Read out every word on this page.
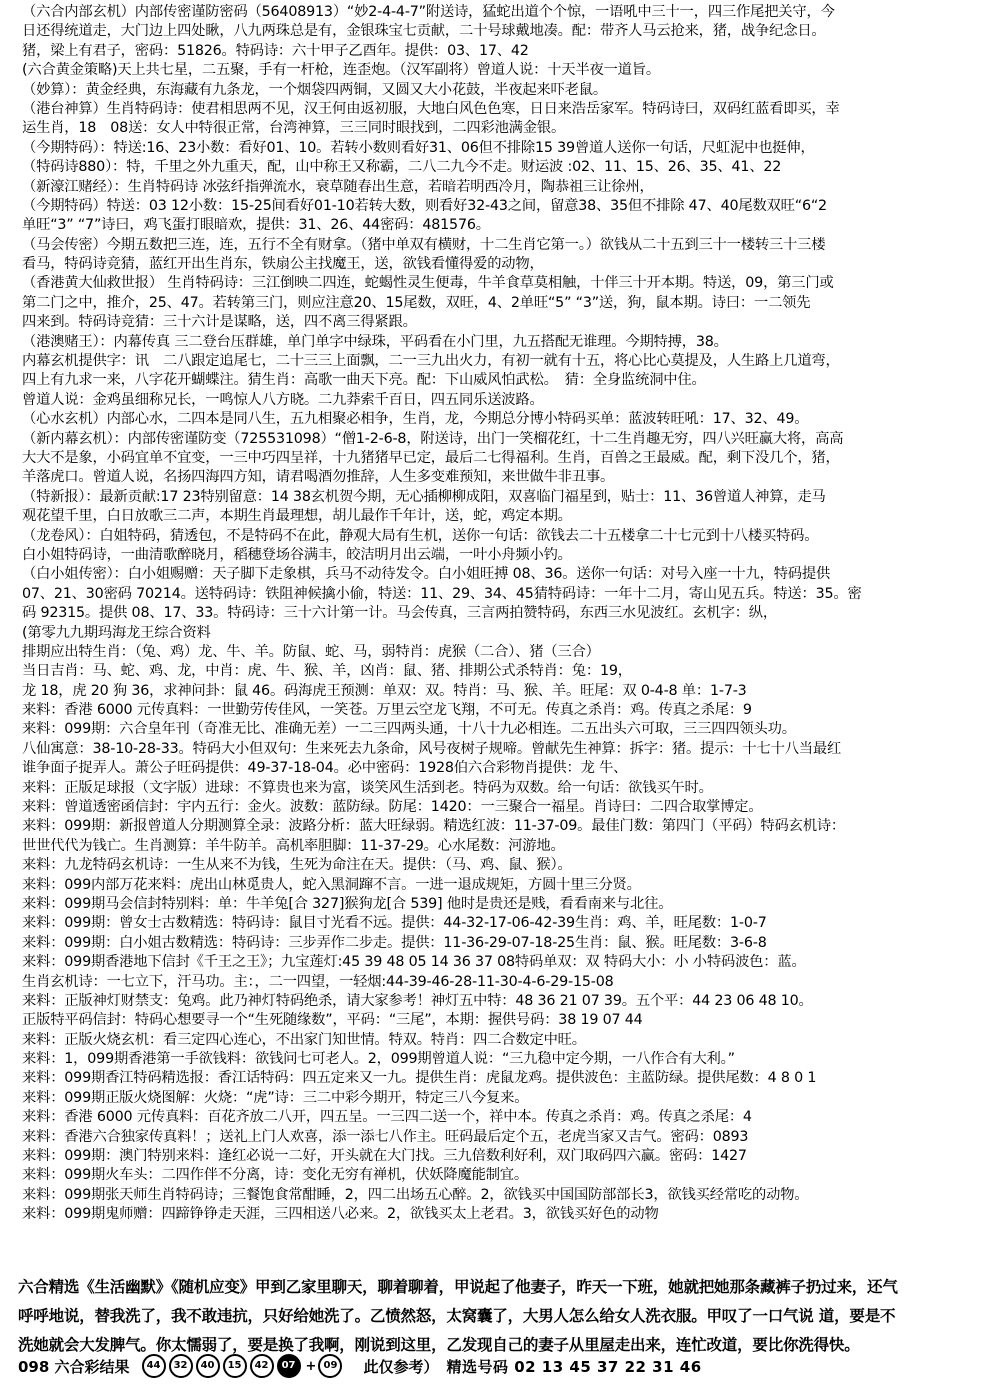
（六合内部玄机）内部传密谨防密码（56408913）“妙2-4-4-7”附送诗，猛蛇出道个个惊，一语吼中三十一，四三作尾把关守，今
日还得统道走，大门边上四处瞅，八九两珠总是有，金银珠宝七贡献，二十号球戴地凑。配：带齐人马云抢来，猪，战争纪念日。
猪，梁上有君子，密码：51826。特码诗：六十甲子乙酉年。提供：03、17、42
(六合黄金策略)天上共七星，二五聚，手有一杆枪，连歪炮。（汉军副将）曾道人说：十天半夜一道旨。
（妙算）：黄金经典，东海藏有九条龙，一个烟袋四两铜，又圆又大小花鼓，半夜起来吓老鼠。
（港台神算）生肖特码诗：使君相思两不见，汉王何由返初服，大地白风色色寒，日日来浩岳家军。特码诗曰，双码红蓝看即买，幸
运生肖，18　08送：女人中特很正常，台湾神算，三三同时眼找到，二四彩池满金银。
（今期特码）：特送:16、23小数：看好01、10。若转小数则看好31、06但不排除15 39曾道人送你一句话，尺虹泥中也挺伸，
（特码诗880）：特，千里之外九重天，配，山中称王又称霸，二八二九今不走。财运波 :02、11、15、26、35、41、22
（新濠江赌经）：生肖特码诗 冰弦纤指弹流水，衰草随春出生意，若暗若明西冷月，陶恭祖三让徐州，
（今期特码）特送：03 12小数：15-25间看好01-10若转大数，则看好32-43之间，留意38、35但不排除 47、40尾数双旺“6“2
单旺“3” “7”诗曰，鸡飞蛋打眼暗欢，提供：31、26、44密码：481576。
（马会传密）今期五数把三连，连，五行不全有财拿。（猪中单双有横财，十二生肖它第一。）欲钱从二十五到三十一楼转三十三楼
看马，特码诗竞猜，蓝红开出生肖东，铁扇公主找魔王，送，欲钱看懂得爱的动物，
（香港黄大仙救世报） 生肖特码诗：三江倒映二四连，蛇蝎性灵生便毒，牛羊食草莫相触，十伴三十开本期。特送，09，第三门或
第二门之中，推介，25、47。若转第三门，则应注意20、15尾数，双旺，4、2单旺“5” “3”送，狗，鼠本期。诗曰：一二领先
四来到。特码诗竞猜：三十六计是谋略，送，四不离三得紧跟。
（港澳赌王）：内幕传真 三二登台压群雄，单门单字中绿珠，平码看在小门里，九五搭配无谁理。今期特搏，38。
内幕玄机提供字：讯　二八跟定追尾七，二十三三上面飘，二一三九出火力，有初一就有十五，将心比心莫提及，人生路上几道弯，
四上有九求一来，八字花开蝴蝶注。猜生肖：高歌一曲天下亮。配：下山威风怕武松。　猜：全身监统洞中住。
曾道人说：金鸡虽细称兄长，一鸣惊人八方晓。二九莽索千百日，四五同乐送波路。
（心水玄机）内部心水，二四本是同八生，五九相聚必相争，生肖，龙，今期总分博小特码买单：蓝波转旺吼：17、32、49。
（新内幕玄机）：内部传密谨防变（725531098）“僧1-2-6-8，附送诗，出门一笑榴花红，十二生肖趣无穷，四八兴旺赢大将，高高
大大不是象，小码宜单不宜变，一三中巧四呈祥，十九猪猪早已定，最后二七得福利。生肖，百兽之王最威。配，剩下没几个，猪，
羊落虎口。曾道人说，名扬四海四方知，请君喝酒勿推辞，人生多变难预知，来世做牛非丑事。
（特新报）：最新贡献:17 23特别留意：14 38玄机贺今期，无心插柳柳成阳，双喜临门福星到，贴士：11、36曾道人神算，走马
观花望千里，白日放歌三二声，本期生肖最理想，胡儿最作千年计，送，蛇，鸡定本期。
（龙卷风）：白姐特码，猜透包，不是特码不在此，静观大局有生机，送你一句话：欲钱去二十五楼拿二十七元到十八楼买特码。
白小姐特码诗，一曲清歌醉晓月，稻穗登场谷满丰，皎洁明月出云端，一叶小舟频小钓。
（白小姐传密）：白小姐赐赠：天子脚下走象棋，兵马不动待发令。白小姐旺搏 08、36。送你一句话：对号入座一十九，特码提供
07、21、30密码 70214。送特码诗：铁阻神候擒小偷，特送：11、29、34、45猜特码诗：一年十二月，寄山见五兵。特送：35。密
码 92315。提供 08、17、33。特码诗：三十六计第一计。马会传真，三言两拍赞特码，东西三水见波红。玄机字：纵，
(第零九九期玛海龙王综合资料
排期应出特生肖：（兔、鸡）龙、牛、羊。防鼠、蛇、马，弱特肖：虎猴（二合）、猪（三合）
当日吉肖：马、蛇、鸡、龙，中肖：虎、牛、猴、羊，凶肖：鼠、猪、排期公式杀特肖：兔：19，
龙 18，虎 20 狗 36，求神问卦：鼠 46。码海虎王预测：单双：双。特肖：马、猴、羊。旺尾：双 0-4-8 单：1-7-3
来料：香港 6000 元传真料：一世勤劳传佳风，一笑苍。万里云空龙飞翔，不可无。传真之杀肖：鸡。传真之杀尾：9
来料：099期：六合皇年刊（奇准无比、准确无差）一二三四两头通，十八十九必相连。二五出头六可取，三三四四领头功。
八仙寓意：38-10-28-33。特码大小但双句：生来死去九条命，风号夜树子规啼。曾献先生神算：拆字：猪。提示：十七十八当最红
谁争面子捉弄人。萧公子旺码提供：49-37-18-04。必中密码：1928伯六合彩物肖提供：龙 牛、
来料：正版足球报（文字版）进球：不算贵也来为富，谈笑风生活到老。特码为双数。给一句话：欲钱买午时。
来料：曾道透密函信封：宇内五行：金火。波数：蓝防绿。防尾：1420：一三聚合一福星。肖诗曰：二四合取掌博定。
来料：099期：新报曾道人分期测算全录：波路分析：蓝大旺绿弱。精选红波：11-37-09。最佳门数：第四门（平码）特码玄机诗：
世世代代为钱亡。生肖测算：羊牛防羊。高机率胆脚：11-37-29。心水尾数：河游地。
来料：九龙特码玄机诗：一生从来不为钱，生死为命注在天。提供：（马、鸡、鼠、猴）。
来料：099内部万花来料：虎出山林觅贵人，蛇入黑洞蹿不言。一进一退成规矩，方圆十里三分贤。
来料：099期马会信封特别料：单：牛羊兔[合 327]猴狗龙[合 539] 他时是贵还是贱，看看南来与北往。
来料：099期：曾女士古数精选：特码诗：鼠目寸光看不远。提供：44-32-17-06-42-39生肖：鸡、羊，旺尾数：1-0-7
来料：099期：白小姐古数精选：特码诗：三步弄作二步走。提供：11-36-29-07-18-25生肖：鼠、猴。旺尾数：3-6-8
来料：099期香港地下信封《千王之王》；九宝莲灯:45 39 48 05 14 36 37 08特码单双：双 特码大小：小 小特码波色：蓝。
生肖玄机诗：一七立下，汗马功。主：，二一四望，一轻烟:44-39-46-28-11-30-4-6-29-15-08
来料：正版神灯财禁支：兔鸡。此乃神灯特码绝杀，请大家参考！神灯五中特：48 36 21 07 39。五个平：44 23 06 48 10。
正版特平码信封：特码心想要寻一个“生死随缘数”，平码：“三尾”，本期：握供号码：38 19 07 44
来料：正版火烧玄机：看三定四心连心，不出家门知世情。特双。特肖：四二合数定中旺。
来料：1，099期香港第一手欲钱料：欲钱问七可老人。2，099期曾道人说：“三九稳中定今期，一八作合有大利。”
来料：099期香江特码精选报：香江话特码：四五定来又一九。提供生肖：虎鼠龙鸡。提供波色：主蓝防绿。提供尾数：4 8 0 1
来料：099期正版火烧图解：火烧：“虎”诗：三二中彩今期开，特定三八今复来。
来料：香港 6000 元传真料：百花齐放二八开，四五呈。一三四二送一个，祥中本。传真之杀肖：鸡。传真之杀尾：4
来料：香港六合独家传真料！；送礼上门人欢喜，添一添七八作主。旺码最后定个五，老虎当家又吉气。密码：0893
来料：099期：澳门特别来料：逢红必说一二好，开头就在大门找。三九倍数利好利，双门取码四六赢。密码：1427
来料：099期火车头：二四作伴不分离，诗：变化无穷有禅机，伏妖降魔能制宜。
来料：099期张天师生肖特码诗；三餐饱食常酣睡，2，四二出场五心醉。2，欲钱买中国国防部部长3，欲钱买经常吃的动物。
来料：099期鬼师赠：四蹄铮铮走天涯，三四相送八必来。2，欲钱买太上老君。3，欲钱买好色的动物
六合精选《生活幽默》《随机应变》甲到乙家里聊天，聊着聊着，甲说起了他妻子，昨天一下班，她就把她那条藏裤子扔过来，还气
呼呼地说，替我洗了，我不敢违抗，只好给她洗了。乙愤然怒，太窝囊了，大男人怎么给女人洗衣服。甲叹了一口气说 道，要是不
洗她就会大发脾气。你太懦弱了，要是换了我啊，刚说到这里，乙发现自己的妻子从里屋走出来，连忙改道，要比你洗得快。
098 六合彩结果	44	32	40	15	42	07 + 09	此仅参考） 精选号码 02 13 45 37 22 31 46
